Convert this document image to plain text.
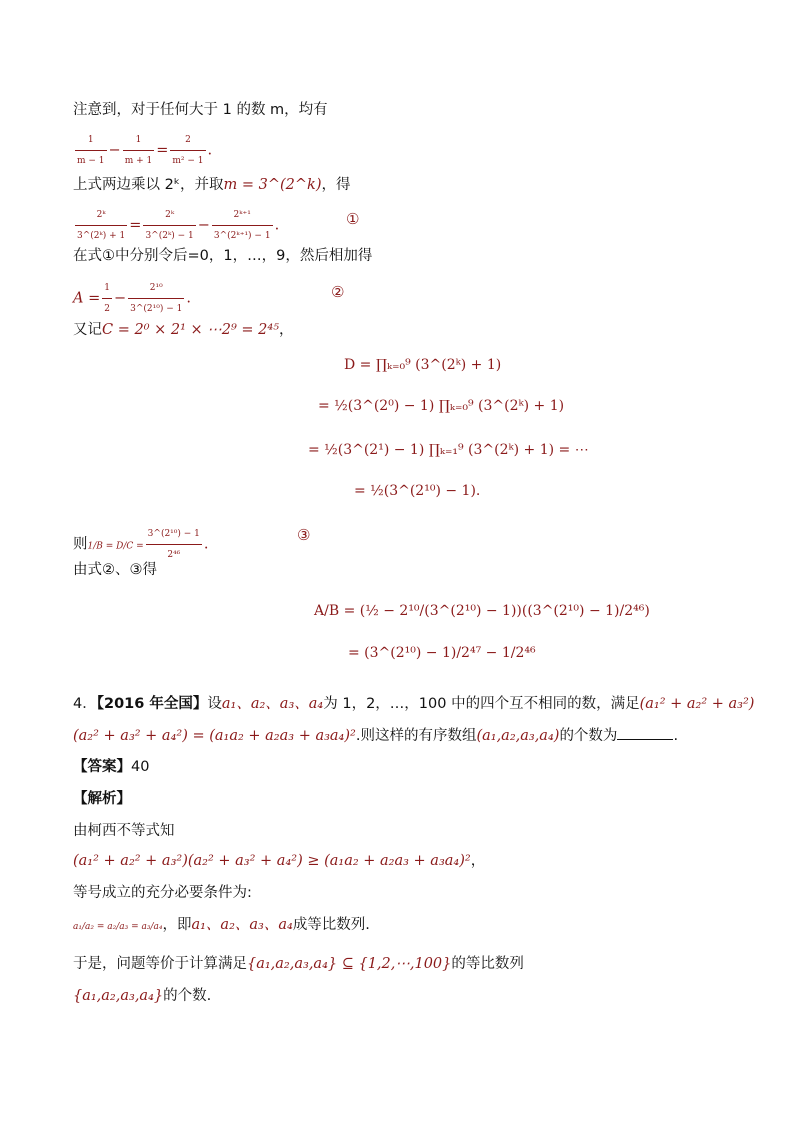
注意到，对于任何大于 1 的数 m，均有
$\frac{1}{m - 1} - \frac{1}{m + 1} = \frac{2}{\text{m² − 1}}$ .
上式两边乘以 2ᵏ，并取m = 3^(2^k)，得
$\frac{\text{2ᵏ}}{\text{3\textasciicircum{}(2ᵏ) + 1}} = \frac{\text{2ᵏ}}{\text{3\textasciicircum{}(2ᵏ) − 1}} - \frac{\text{2ᵏ⁺¹}}{\text{3\textasciicircum{}(2ᵏ⁺¹) − 1}}$ .	①
在式①中分别令后=0，1，…，9，然后相加得
$A = \frac{1}{2} - \frac{\text{2¹⁰}}{\text{3\textasciicircum{}(2¹⁰) − 1}}$ .	②
又记C = 2⁰ × 2¹ × ⋯2⁹ = 2⁴⁵，
D = ∏ₖ₌₀⁹ (3^(2ᵏ) + 1)
= ½(3^(2⁰) − 1) ∏ₖ₌₀⁹ (3^(2ᵏ) + 1)
= ½(3^(2¹) − 1) ∏ₖ₌₁⁹ (3^(2ᵏ) + 1) = ⋯
= ½(3^(2¹⁰) − 1).
则$1/B = D/C = \frac{\text{3\textasciicircum{}(2¹⁰) − 1}}{\text{2⁴⁶}}$ .
③
由式②、③得
A/B = (½ − 2¹⁰/(3^(2¹⁰) − 1))((3^(2¹⁰) − 1)/2⁴⁶)
= (3^(2¹⁰) − 1)/2⁴⁷ − 1/2⁴⁶
4．【2016 年全国】设a₁、a₂、a₃、a₄为 1，2，…，100 中的四个互不相同的数，满足(a₁² + a₂² + a₃²)
(a₂² + a₃² + a₄²) = (a₁a₂ + a₂a₃ + a₃a₄)².则这样的有序数组(a₁,a₂,a₃,a₄)的个数为	.
【答案】40
【解析】
由柯西不等式知
(a₁² + a₂² + a₃²)(a₂² + a₃² + a₄²) ≥ (a₁a₂ + a₂a₃ + a₃a₄)²，
等号成立的充分必要条件为:
a₁/a₂ = a₂/a₃ = a₃/a₄，即a₁、a₂、a₃、a₄成等比数列.
于是，问题等价于计算满足{a₁,a₂,a₃,a₄} ⊆ {1,2,⋯,100}的等比数列
{a₁,a₂,a₃,a₄}的个数.
